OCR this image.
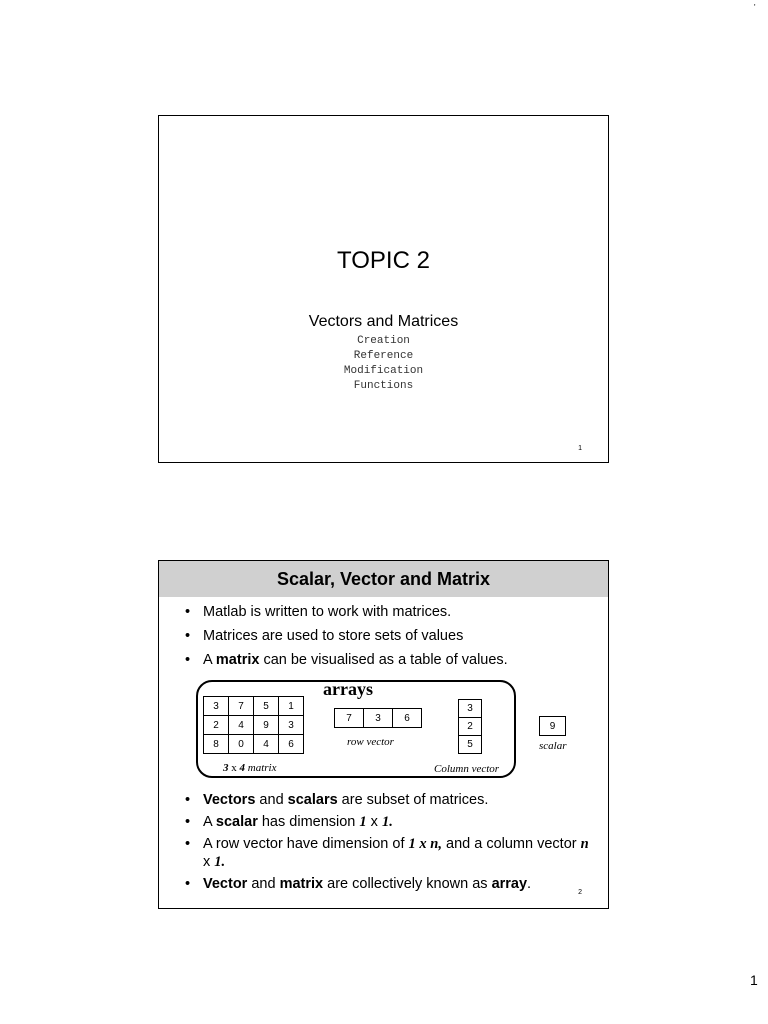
'
TOPIC 2
Vectors and Matrices
Creation
Reference
Modification
Functions
1
Scalar, Vector and Matrix
• Matlab is written to work with matrices.
• Matrices are used to store sets of values
• A matrix can be visualised as a table of values.
arrays
3	7	5	1
2	4	9	3
8	0	4	6
3 x 4 matrix
7	3	6
row vector
3
2
5
Column vector
9
scalar
• Vectors and scalars are subset of matrices.
• A scalar has dimension 1 x 1.
• A row vector have dimension of 1 x n, and a column vector n x 1.
• Vector and matrix are collectively known as array.
2
1
